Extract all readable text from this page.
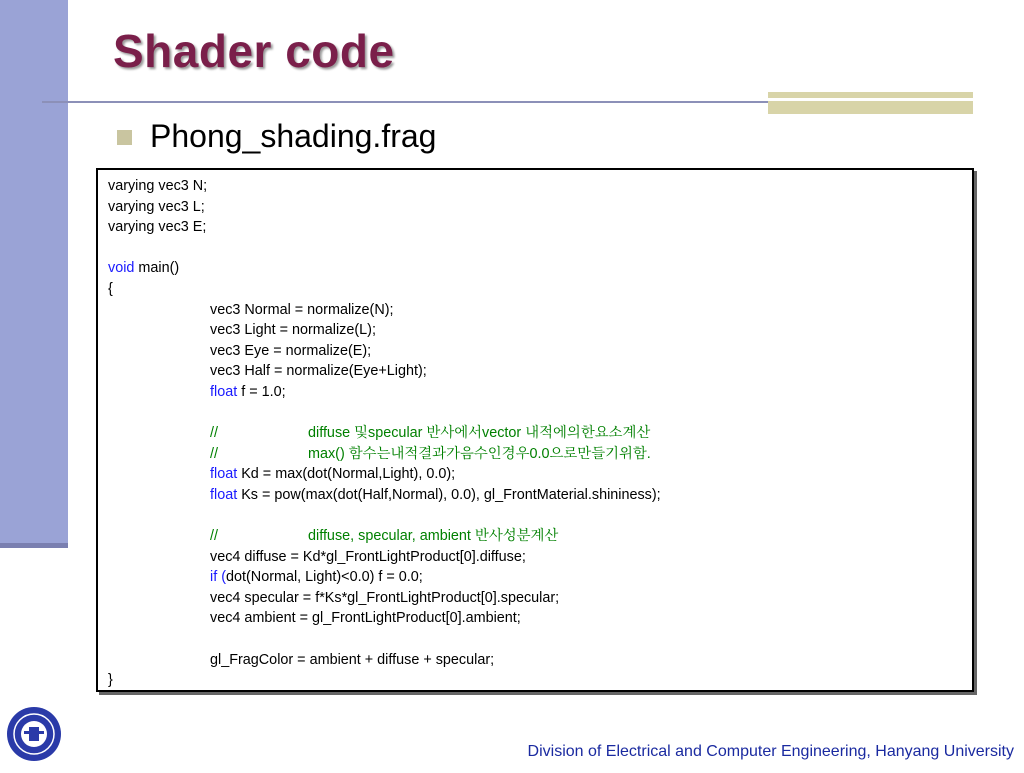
Shader code
Phong_shading.frag
varying vec3 N;
varying vec3 L;
varying vec3 E;
void main()
{
vec3 Normal = normalize(N);
vec3 Light = normalize(L);
vec3 Eye = normalize(E);
vec3 Half = normalize(Eye+Light);
float f = 1.0;
//	diffuse 및specular 반사에서vector 내적에의한요소계산
//	max() 함수는내적결과가음수인경우0.0으로만들기위함.
float Kd = max(dot(Normal,Light), 0.0);
float Ks = pow(max(dot(Half,Normal), 0.0), gl_FrontMaterial.shininess);
//	diffuse, specular, ambient 반사성분계산
vec4 diffuse = Kd*gl_FrontLightProduct[0].diffuse;
if (dot(Normal, Light)<0.0) f = 0.0;
vec4 specular = f*Ks*gl_FrontLightProduct[0].specular;
vec4 ambient = gl_FrontLightProduct[0].ambient;
gl_FragColor = ambient + diffuse + specular;
}
Division of Electrical and Computer Engineering, Hanyang University
